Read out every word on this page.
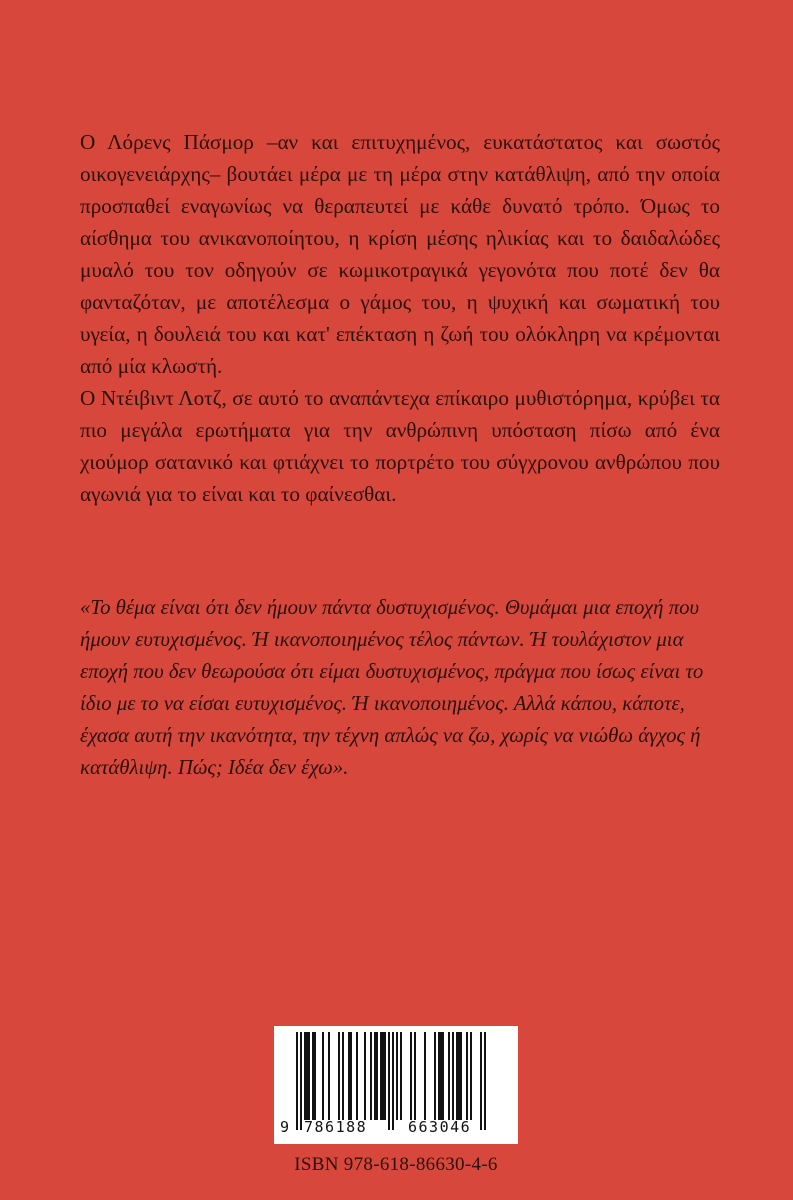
Ο Λόρενς Πάσμορ –αν και επιτυχημένος, ευκατάστατος και σωστός οικογενειάρχης– βουτάει μέρα με τη μέρα στην κατάθλιψη, από την οποία προσπαθεί εναγωνίως να θεραπευτεί με κάθε δυνατό τρόπο. Όμως το αίσθημα του ανικανοποίητου, η κρίση μέσης ηλικίας και το δαιδαλώδες μυαλό του τον οδηγούν σε κωμικοτραγικά γεγονότα που ποτέ δεν θα φανταζόταν, με αποτέλεσμα ο γάμος του, η ψυχική και σωματική του υγεία, η δουλειά του και κατ' επέκταση η ζωή του ολόκληρη να κρέμονται από μία κλωστή.

Ο Ντέιβιντ Λοτζ, σε αυτό το αναπάντεχα επίκαιρο μυθιστόρημα, κρύβει τα πιο μεγάλα ερωτήματα για την ανθρώπινη υπόσταση πίσω από ένα χιούμορ σατανικό και φτιάχνει το πορτρέτο του σύγχρονου ανθρώπου που αγωνιά για το είναι και το φαίνεσθαι.

«Το θέμα είναι ότι δεν ήμουν πάντα δυστυχισμένος. Θυμάμαι μια εποχή που ήμουν ευτυχισμένος. Ή ικανοποιημένος τέλος πάντων. Ή τουλάχιστον μια εποχή που δεν θεωρούσα ότι είμαι δυστυχισμένος, πράγμα που ίσως είναι το ίδιο με το να είσαι ευτυχισμένος. Ή ικανοποιημένος. Αλλά κάπου, κάποτε, έχασα αυτή την ικανότητα, την τέχνη απλώς να ζω, χωρίς να νιώθω άγχος ή κατάθλιψη. Πώς; Ιδέα δεν έχω».

9 786188	663046
ISBN 978-618-86630-4-6
